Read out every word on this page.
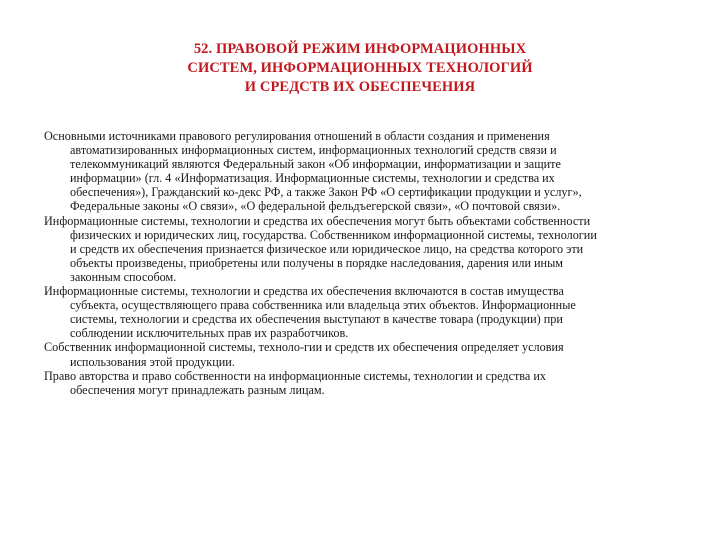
52. ПРАВОВОЙ РЕЖИМ ИНФОРМАЦИОННЫХ
СИСТЕМ, ИНФОРМАЦИОННЫХ ТЕХНОЛОГИЙ
И СРЕДСТВ ИХ ОБЕСПЕЧЕНИЯ
Основными источниками правового регулирования отношений в области создания и применения
автоматизированных информационных систем, информационных технологий средств связи и
телекоммуникаций являются Федеральный закон «Об информации, информатизации и защите
информации» (гл. 4 «Информатизация. Информационные системы, технологии и средства их
обеспечения»), Гражданский ко-декс РФ, а также Закон РФ «О сертификации продукции и услуг»,
Федеральные законы «О связи», «О федеральной фельдъегерской связи», «О почтовой связи».
Информационные системы, технологии и средства их обеспечения могут быть объектами собственности
физических и юридических лиц, государства. Собственником информационной системы, технологии
и средств их обеспечения признается физическое или юридическое лицо, на средства которого эти
объекты произведены, приобретены или получены в порядке наследования, дарения или иным
законным способом.
Информационные системы, технологии и средства их обеспечения включаются в состав имущества
субъекта, осуществляющего права собственника или владельца этих объектов. Информационные
системы, технологии и средства их обеспечения выступают в качестве товара (продукции) при
соблюдении исключительных прав их разработчиков.
Собственник информационной системы, техноло-гии и средств их обеспечения определяет условия
использования этой продукции.
Право авторства и право собственности на информационные системы, технологии и средства их
обеспечения могут принадлежать разным лицам.
